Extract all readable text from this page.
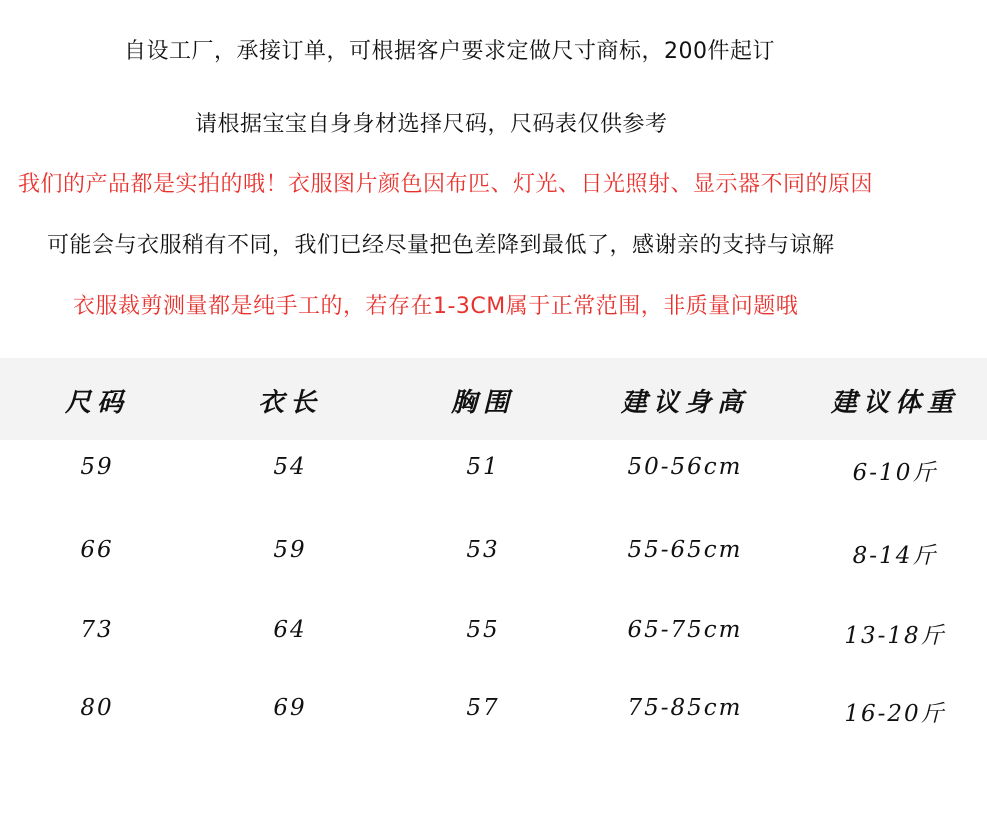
自设工厂，承接订单，可根据客户要求定做尺寸商标，200件起订
请根据宝宝自身身材选择尺码，尺码表仅供参考
我们的产品都是实拍的哦！衣服图片颜色因布匹、灯光、日光照射、显示器不同的原因
可能会与衣服稍有不同，我们已经尽量把色差降到最低了，感谢亲的支持与谅解
衣服裁剪测量都是纯手工的，若存在1-3CM属于正常范围，非质量问题哦
尺码	衣长	胸围	建议身高	建议体重
59	54	51	50-56cm	6-10斤
66	59	53	55-65cm	8-14斤
73	64	55	65-75cm	13-18斤
80	69	57	75-85cm	16-20斤
